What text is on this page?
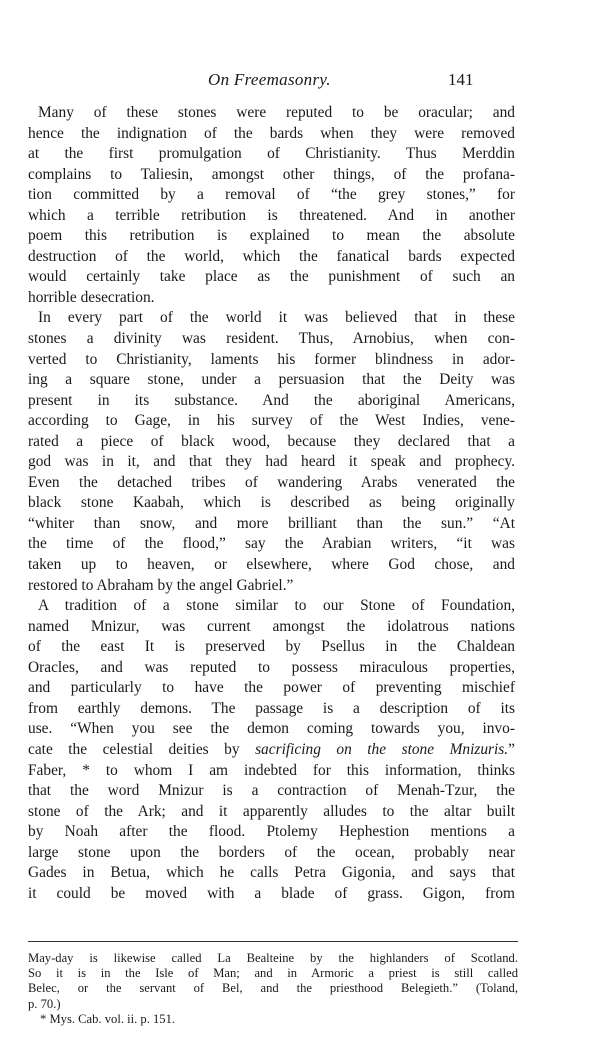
On Freemasonry.	141
Many of these stones were reputed to be oracular; and
hence the indignation of the bards when they were removed
at the first promulgation of Christianity. Thus Merddin
complains to Taliesin, amongst other things, of the profana-
tion committed by a removal of “the grey stones,” for
which a terrible retribution is threatened. And in another
poem this retribution is explained to mean the absolute
destruction of the world, which the fanatical bards expected
would certainly take place as the punishment of such an
horrible desecration.
In every part of the world it was believed that in these
stones a divinity was resident. Thus, Arnobius, when con-
verted to Christianity, laments his former blindness in ador-
ing a square stone, under a persuasion that the Deity was
present in its substance. And the aboriginal Americans,
according to Gage, in his survey of the West Indies, vene-
rated a piece of black wood, because they declared that a
god was in it, and that they had heard it speak and prophecy.
Even the detached tribes of wandering Arabs venerated the
black stone Kaabah, which is described as being originally
“whiter than snow, and more brilliant than the sun.” “At
the time of the flood,” say the Arabian writers, “it was
taken up to heaven, or elsewhere, where God chose, and
restored to Abraham by the angel Gabriel.”
A tradition of a stone similar to our Stone of Foundation,
named Mnizur, was current amongst the idolatrous nations
of the east It is preserved by Psellus in the Chaldean
Oracles, and was reputed to possess miraculous properties,
and particularly to have the power of preventing mischief
from earthly demons. The passage is a description of its
use. “When you see the demon coming towards you, invo-
cate the celestial deities by sacrificing on the stone Mnizuris.”
Faber, * to whom I am indebted for this information, thinks
that the word Mnizur is a contraction of Menah-Tzur, the
stone of the Ark; and it apparently alludes to the altar built
by Noah after the flood. Ptolemy Hephestion mentions a
large stone upon the borders of the ocean, probably near
Gades in Betua, which he calls Petra Gigonia, and says that
it could be moved with a blade of grass. Gigon, from
May-day is likewise called La Bealteine by the highlanders of Scotland.
So it is in the Isle of Man; and in Armoric a priest is still called
Belec, or the servant of Bel, and the priesthood Belegieth.” (Toland,
p. 70.)
* Mys. Cab. vol. ii. p. 151.
